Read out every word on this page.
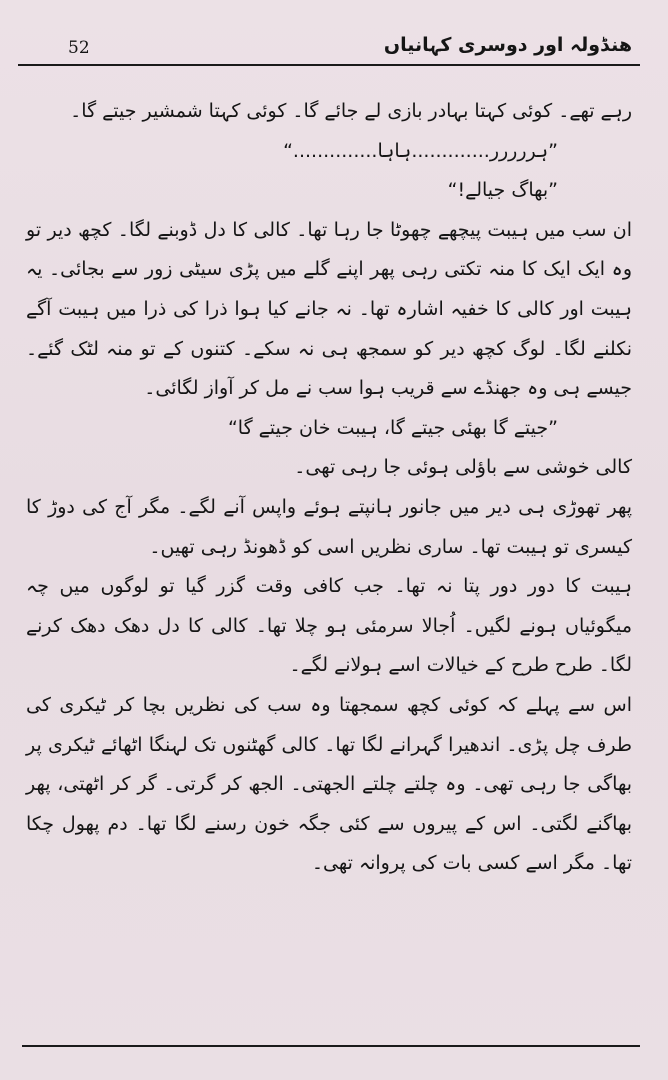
52	ھنڈولہ اور دوسری کہانیاں

رہے تھے۔ کوئی کہتا بہادر بازی لے جائے گا۔ کوئی کہتا شمشیر جیتے گا۔

”ہررررر.............ہاہا..............“

”بھاگ جیالے!“

ان سب میں ہیبت پیچھے چھوٹا جا رہا تھا۔ کالی کا دل ڈوبنے لگا۔ کچھ دیر تو وہ ایک ایک کا منہ تکتی رہی پھر اپنے گلے میں پڑی سیٹی زور سے بجائی۔ یہ ہیبت اور کالی کا خفیہ اشارہ تھا۔ نہ جانے کیا ہوا ذرا کی ذرا میں ہیبت آگے نکلنے لگا۔ لوگ کچھ دیر کو سمجھ ہی نہ سکے۔ کتنوں کے تو منہ لٹک گئے۔ جیسے ہی وہ جھنڈے سے قریب ہوا سب نے مل کر آواز لگائی۔

”جیتے گا بھئی جیتے گا، ہیبت خان جیتے گا“

کالی خوشی سے باؤلی ہوئی جا رہی تھی۔

پھر تھوڑی ہی دیر میں جانور ہانپتے ہوئے واپس آنے لگے۔ مگر آج کی دوڑ کا کیسری تو ہیبت تھا۔ ساری نظریں اسی کو ڈھونڈ رہی تھیں۔

ہیبت کا دور دور پتا نہ تھا۔ جب کافی وقت گزر گیا تو لوگوں میں چہ میگوئیاں ہونے لگیں۔ اُجالا سرمئی ہو چلا تھا۔ کالی کا دل دھک دھک کرنے لگا۔ طرح طرح کے خیالات اسے ہولانے لگے۔

اس سے پہلے کہ کوئی کچھ سمجھتا وہ سب کی نظریں بچا کر ٹیکری کی طرف چل پڑی۔ اندھیرا گہرانے لگا تھا۔ کالی گھٹنوں تک لہنگا اٹھائے ٹیکری پر بھاگی جا رہی تھی۔ وہ چلتے چلتے الجھتی۔ الجھ کر گرتی۔ گر کر اٹھتی، پھر بھاگنے لگتی۔ اس کے پیروں سے کئی جگہ خون رسنے لگا تھا۔ دم پھول چکا تھا۔ مگر اسے کسی بات کی پروانہ تھی۔
